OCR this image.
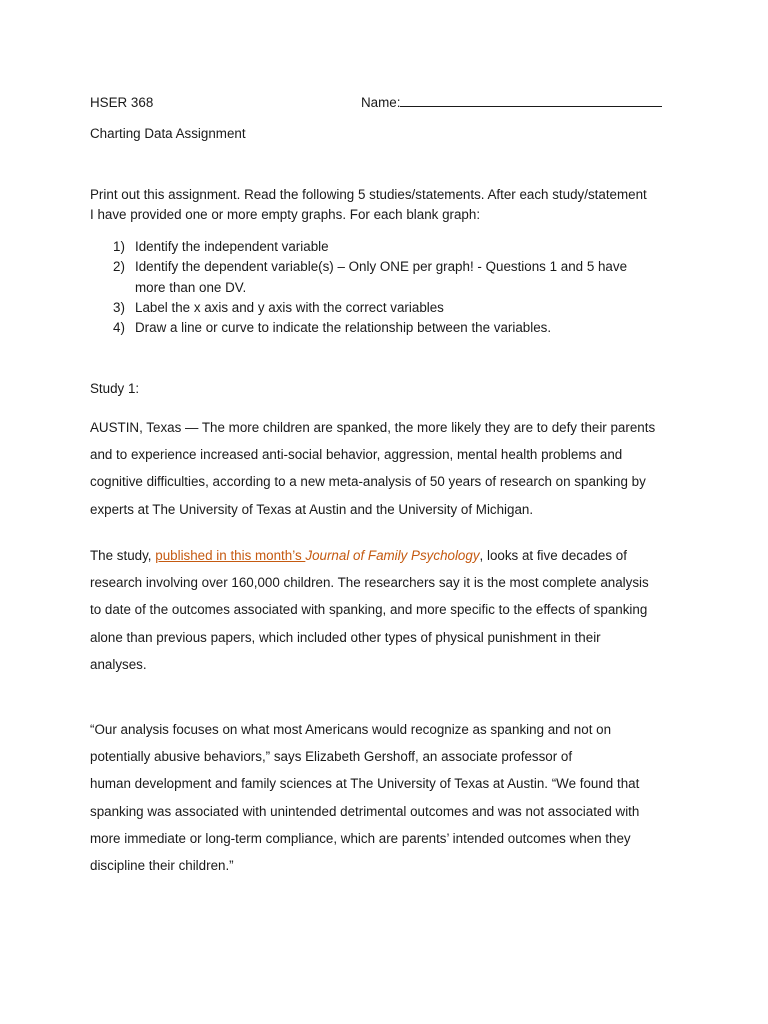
HSER 368	Name:
Charting Data Assignment
Print out this assignment. Read the following 5 studies/statements. After each study/statement
I have provided one or more empty graphs. For each blank graph:
1) Identify the independent variable
2) Identify the dependent variable(s) – Only ONE per graph! - Questions 1 and 5 have
more than one DV.
3) Label the x axis and y axis with the correct variables
4) Draw a line or curve to indicate the relationship between the variables.
Study 1:
AUSTIN, Texas — The more children are spanked, the more likely they are to defy their parents
and to experience increased anti-social behavior, aggression, mental health problems and
cognitive difficulties, according to a new meta-analysis of 50 years of research on spanking by
experts at The University of Texas at Austin and the University of Michigan.
The study, published in this month’s Journal of Family Psychology, looks at five decades of
research involving over 160,000 children. The researchers say it is the most complete analysis
to date of the outcomes associated with spanking, and more specific to the effects of spanking
alone than previous papers, which included other types of physical punishment in their
analyses.
“Our analysis focuses on what most Americans would recognize as spanking and not on
potentially abusive behaviors,” says Elizabeth Gershoff, an associate professor of
human development and family sciences at The University of Texas at Austin. “We found that
spanking was associated with unintended detrimental outcomes and was not associated with
more immediate or long-term compliance, which are parents’ intended outcomes when they
discipline their children.”
